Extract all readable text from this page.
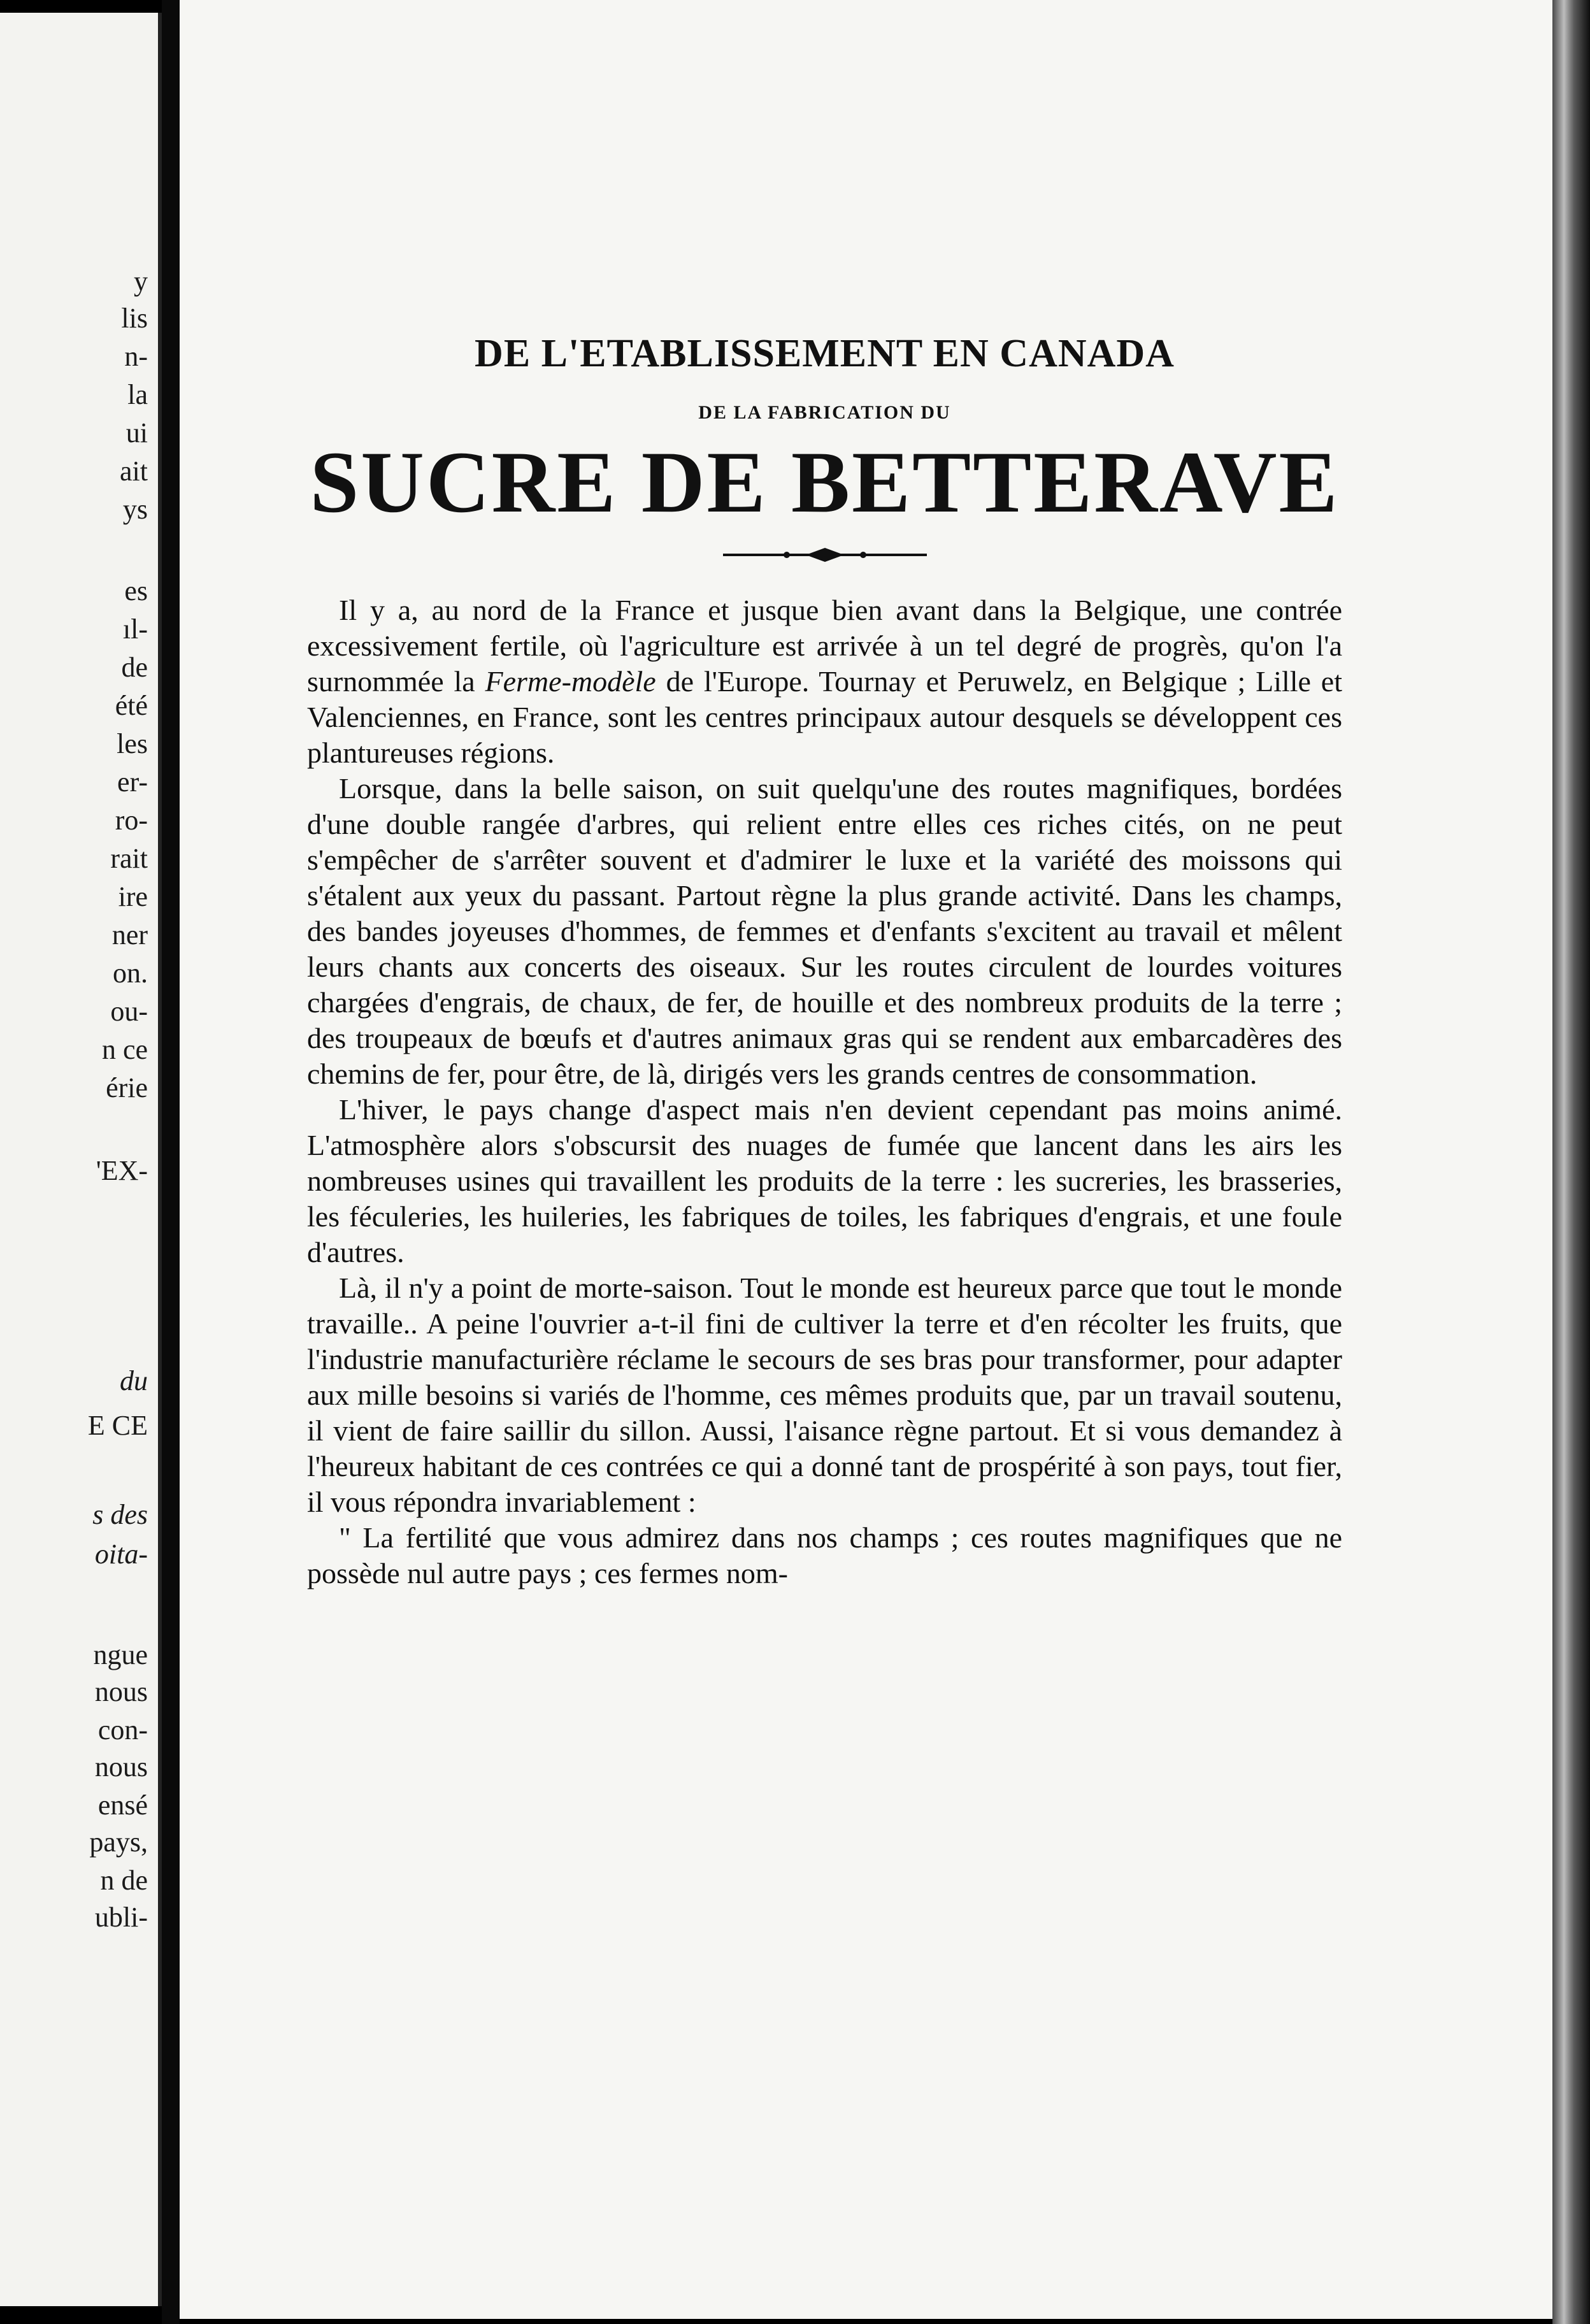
y

lis

n-

la

ui

ait

ys

es

ıl-

de

été

les

er-

ro-

rait

ire

ner

on.

ou-

n ce

érie

'EX-

du

E CE

s des

oita-

ngue

nous

con-

nous

ensé

pays,

n de

ubli-

DE L'ETABLISSEMENT EN CANADA
DE LA FABRICATION DU
SUCRE DE BETTERAVE

Il y a, au nord de la France et jusque bien avant dans la Belgique, une contrée excessivement fertile, où l'agriculture est arrivée à un tel degré de progrès, qu'on l'a surnommée la Ferme-modèle de l'Europe. Tournay et Peruwelz, en Belgique ; Lille et Valenciennes, en France, sont les centres principaux autour desquels se développent ces plantureuses régions.

Lorsque, dans la belle saison, on suit quelqu'une des routes magnifiques, bordées d'une double rangée d'arbres, qui relient entre elles ces riches cités, on ne peut s'empêcher de s'arrêter souvent et d'admirer le luxe et la variété des moissons qui s'étalent aux yeux du passant. Partout règne la plus grande activité. Dans les champs, des bandes joyeuses d'hommes, de femmes et d'enfants s'excitent au travail et mêlent leurs chants aux concerts des oiseaux. Sur les routes circulent de lourdes voitures chargées d'engrais, de chaux, de fer, de houille et des nombreux produits de la terre ; des troupeaux de bœufs et d'autres animaux gras qui se rendent aux embarcadères des chemins de fer, pour être, de là, dirigés vers les grands centres de consommation.

L'hiver, le pays change d'aspect mais n'en devient cependant pas moins animé. L'atmosphère alors s'obscursit des nuages de fumée que lancent dans les airs les nombreuses usines qui travaillent les produits de la terre : les sucreries, les brasseries, les féculeries, les huileries, les fabriques de toiles, les fabriques d'engrais, et une foule d'autres.

Là, il n'y a point de morte-saison. Tout le monde est heureux parce que tout le monde travaille.. A peine l'ouvrier a-t-il fini de cultiver la terre et d'en récolter les fruits, que l'industrie manufacturière réclame le secours de ses bras pour transformer, pour adapter aux mille besoins si variés de l'homme, ces mêmes produits que, par un travail soutenu, il vient de faire saillir du sillon. Aussi, l'aisance règne partout. Et si vous demandez à l'heureux habitant de ces contrées ce qui a donné tant de prospérité à son pays, tout fier, il vous répondra invariablement :

" La fertilité que vous admirez dans nos champs ; ces routes magnifiques que ne possède nul autre pays ; ces fermes nom-
